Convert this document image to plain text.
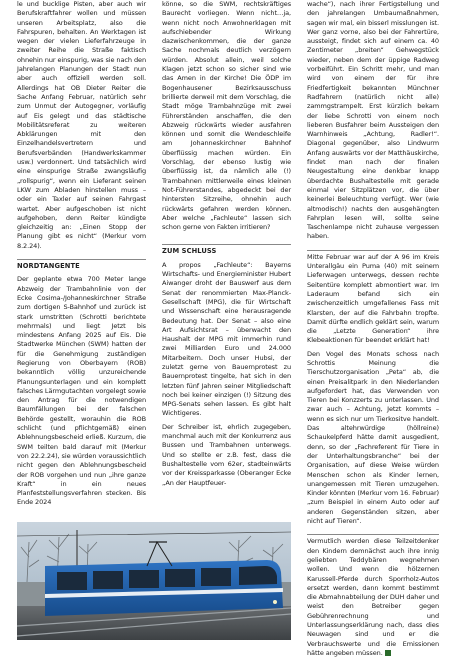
le und bucklige Pisten, aber auch wir Berufskraftfahrer wollen und müssen unseren Arbeitsplatz, also die Fahrspuren, behalten. An Werktagen ist wegen der vielen Lieferfahrzeuge in zweiter Reihe die Straße faktisch ohnehin nur einspurig, was sie nach den Jahrelangen Planungen der Stadt nun aber auch offiziell werden soll. Allerdings hat OB Dieter Reiter die Sache Anfang Februar, natürlich sehr zum Unmut der Autogegner, vorläufig auf Eis gelegt und das städtische Mobilitätsreferat zu weiteren Abklärungen mit den Einzelhandelsvertretern und Berufsverbänden (Handwerkskammer usw.) verdonnert. Und tatsächlich wird eine einspurige Straße zwangsläufig „rollspurig“, wenn ein Lieferant seinen LKW zum Abladen hinstellen muss – oder ein Taxler auf seinen Fahrgast wartet. Aber aufgeschoben ist nicht aufgehoben, denn Reiter kündigte gleichzeitig an: „Einen Stopp der Planung gibt es nicht“ (Merkur vom 8.2.24).

NORDTANGENTE

Der geplante etwa 700 Meter lange Abzweig der Trambahnlinie von der Ecke Cosima-/Johanneskirchner Straße zum dortigen S-Bahnhof und zurück ist stark umstritten (Schrotti berichtete mehrmals) und liegt Jetzt bis mindestens Anfang 2025 auf Eis. Die Stadtwerke München (SWM) hatten der für die Genehmigung zuständigen Regierung von Oberbayern (ROB) bekanntlich völlig unzureichende Planungsunterlagen und ein komplett falsches Lärmgutachten vorgelegt sowie den Antrag für die notwendigen Baumfällungen bei der falschen Behörde gestellt, worauhin die ROB schlicht (und pflichtgemäß) einen Ablehnungsbescheid erließ. Kurzum, die SWM teilten bald darauf mit (Merkur von 22.2.24), sie würden voraussichtlich nicht gegen den Ablehnungsbescheid der ROB vorgehen und nun „ihre ganze Kraft“ in ein neues Planfeststellungsverfahren stecken. Bis Ende 2024

könne, so die SWM, rechtskräftiges Baurecht vorliegen. Wenn nicht…ja, wenn nicht noch Anwohnerklagen mit aufschiebender Wirkung dazwischenkommen, die der ganze Sache nochmals deutlich verzögern würden. Absolut allein, weil solche Klagen jetzt schon so sicher sind wie das Amen in der Kirche! Die ÖDP im Bogenhausener Bezirksausschuss brillierte derweil mit dem Vorschlag, die Stadt möge Trambahnzüge mit zwei Führerständen anschaffen, die den Abzweig rückwärts wieder ausfahren können und somit die Wendeschleife am Johanneskirchner Bahnhof überflüssig machen würden. Ein Vorschlag, der ebenso lustig wie überflüssig ist, da nämlich alle (!) Trambahnen mittlerweile eines kleinen Not-Führerstandes, abgedeckt bei der hintersten Sitzreihe, ohnehin auch rückwärts gefahren werden können. Aber welche „Fachleute“ lassen sich schon gerne von Fakten irritieren?

ZUM SCHLUSS

A propos „Fachleute“: Bayerns Wirtschafts- und Energieminister Hubert Aiwanger droht der Bauswerf aus dem Senat der renommierten Max-Planck-Gesellschaft (MPG), die für Wirtschaft und Wissenschaft eine herausragende Bedeutung hat. Der Senat – also eine Art Aufsichtsrat – überwacht den Haushalt der MPG mit immerhin rund zwei Milliarden Euro und 24.000 Mitarbeitern. Doch unser Hubsi, der zuletzt gerne von Bauernprotest zu Bauernprotest tingelte, hat sich in den letzten fünf Jahren seiner Mitgliedschaft noch bei keiner einzigen (!) Sitzung des MPG-Senats sehen lassen. Es gibt halt Wichtigeres.

Der Schreiber ist, ehrlich zugegeben, manchmal auch mit der Konkurrenz aus Bussen und Trambahnen unterwegs. Und so stellte er z.B. fest, dass die Bushaltestelle vom 62er, stadteinwärts vor der Kreissparkasse (Oberanger Ecke „An der Hauptfeuer-

wache“), nach ihrer Fertigstellung und den jahrelangen Umbaumaßnahmen, sagen wir mal, ein bisserl misslungen ist. Wer ganz vorne, also bei der Fahrertüre, aussteigt, findet sich auf einem ca. 40 Zentimeter „breiten“ Gehwegstück wieder, neben dem der üppige Radweg vorbeiführt. Ein Schritt mehr, und man wird von einem der für ihre Friedfertigkeit bekannten Münchner Radfahrern (natürlich nicht alle) zammgstrampelt. Erst kürzlich bekam der liebe Schrotti von einem noch lieberen Busfahrer beim Aussteigen den Warnhinweis „Achtung, Radler!“. Diagonal gegenüber, also Lindwurm Anfang auswärts vor der Matthäuskirche, findet man nach der finalen Neugestaltung eine denkbar knapp überdachte Bushaltestelle mit gerade einmal vier Sitzplätzen vor, die über keinerlei Beleuchtung verfügt. Wer (wie altmodisch!) nachts den ausgehängten Fahrplan lesen will, sollte seine Taschenlampe nicht zuhause vergessen haben.

Mitte Februar war auf der A 96 im Kreis Unterallgäu ein Puma (40) mit seinem Lieferwagen unterwegs, dessen rechte Seitentüre komplett abmontiert war. Im Laderaum befand sich ein zwischenzeitlich umgefallenes Fass mit Klarsten, der auf die Fahrbahn tropfte. Damit dürfte endlich geklärt sein, warum die „Letzte Generation“ ihre Klebeaktionen für beendet erklärt hat!

Den Vogel des Monats schoss nach Schrottis Meinung die Tierschutzorganisation „Peta“ ab, die einen Preisalitpark in den Niederlanden aufgefordert hat, das Verwenden von Tieren bei Konzzerts zu unterlassen. Und zwar auch – Achtung, Jetzt kommts – wenn es sich nur um Tierkositve handelt. Das altehrwürdige (höllreine) Schaukelpferd hätte damit ausgedient, denn, so der „Fachreferent für Tiere in der Unterhaltungsbranche“ bei der Organisation, auf diese Weise würden Menschen schon als Kinder lernen, unangemessen mit Tieren umzugehen. Kinder könnten (Merkur vom 16. Februar) „zum Beispiel in einem Auto oder auf anderen Gegenständen sitzen, aber nicht auf Tieren“.

Vermutlich werden diese Teilzeitdenker den Kindern demnächst auch ihre innig geliebten Teddybären wegnehmen wollen. Und wenn die hölzernen Karussell-Pferde durch Sporrholz-Autos ersetzt werden, dann kommt bestimmt die Abmahnabteilung der DUH daher und weist den Betreiber gegen Gebührenrechnung und Unterlassungserklärung nach, dass dies Neuwagen sind und er die Verbrauchswerte und die Emissionen hätte angeben müssen.
